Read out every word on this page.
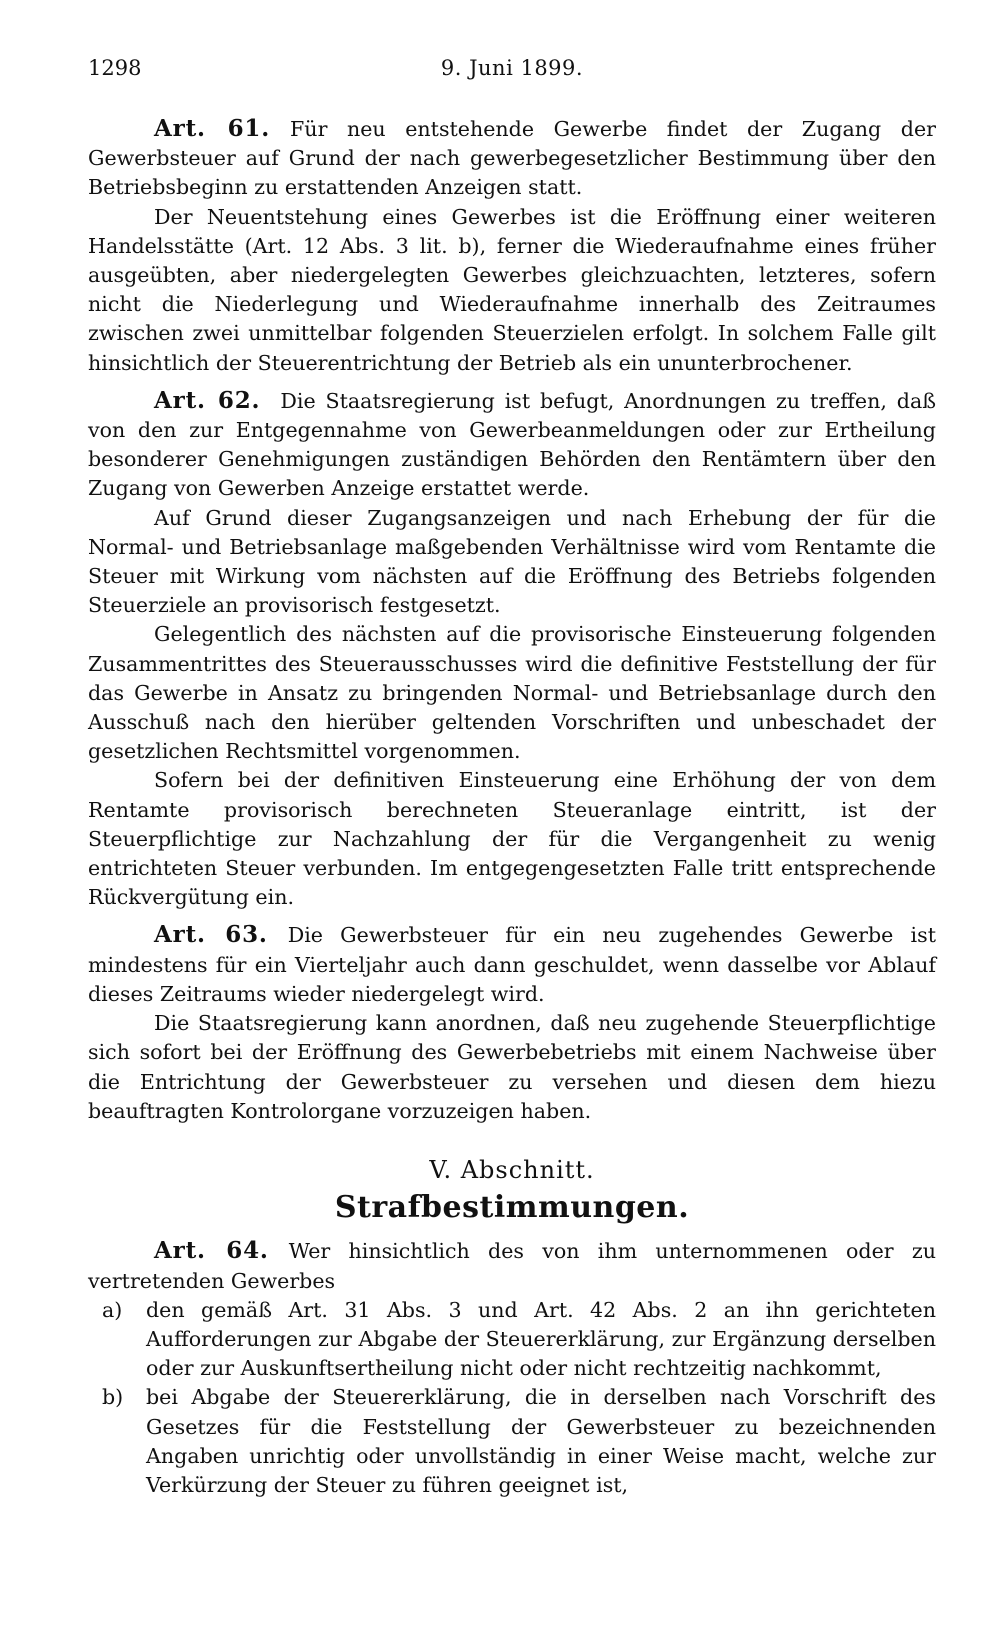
1298	9. Juni 1899.

Art. 61. Für neu entstehende Gewerbe findet der Zugang der Gewerbsteuer auf Grund der nach gewerbegesetzlicher Bestimmung über den Betriebsbeginn zu erstattenden Anzeigen statt.

Der Neuentstehung eines Gewerbes ist die Eröffnung einer weiteren Handelsstätte (Art. 12 Abs. 3 lit. b), ferner die Wiederaufnahme eines früher ausgeübten, aber niedergelegten Gewerbes gleichzuachten, letzteres, sofern nicht die Niederlegung und Wiederaufnahme innerhalb des Zeitraumes zwischen zwei unmittelbar folgenden Steuerzielen erfolgt. In solchem Falle gilt hinsichtlich der Steuerentrichtung der Betrieb als ein ununterbrochener.

Art. 62. Die Staatsregierung ist befugt, Anordnungen zu treffen, daß von den zur Entgegennahme von Gewerbeanmeldungen oder zur Ertheilung besonderer Genehmigungen zuständigen Behörden den Rentämtern über den Zugang von Gewerben Anzeige erstattet werde.

Auf Grund dieser Zugangsanzeigen und nach Erhebung der für die Normal- und Betriebsanlage maßgebenden Verhältnisse wird vom Rentamte die Steuer mit Wirkung vom nächsten auf die Eröffnung des Betriebs folgenden Steuerziele an provisorisch festgesetzt.

Gelegentlich des nächsten auf die provisorische Einsteuerung folgenden Zusammentrittes des Steuerausschusses wird die definitive Feststellung der für das Gewerbe in Ansatz zu bringenden Normal- und Betriebsanlage durch den Ausschuß nach den hierüber geltenden Vorschriften und unbeschadet der gesetzlichen Rechtsmittel vorgenommen.

Sofern bei der definitiven Einsteuerung eine Erhöhung der von dem Rentamte provisorisch berechneten Steueranlage eintritt, ist der Steuerpflichtige zur Nachzahlung der für die Vergangenheit zu wenig entrichteten Steuer verbunden. Im entgegengesetzten Falle tritt entsprechende Rückvergütung ein.

Art. 63. Die Gewerbsteuer für ein neu zugehendes Gewerbe ist mindestens für ein Vierteljahr auch dann geschuldet, wenn dasselbe vor Ablauf dieses Zeitraums wieder niedergelegt wird.

Die Staatsregierung kann anordnen, daß neu zugehende Steuerpflichtige sich sofort bei der Eröffnung des Gewerbebetriebs mit einem Nachweise über die Entrichtung der Gewerbsteuer zu versehen und diesen dem hiezu beauftragten Kontrolorgane vorzuzeigen haben.

V. Abschnitt.
Strafbestimmungen.

Art. 64. Wer hinsichtlich des von ihm unternommenen oder zu vertretenden Gewerbes

a)	den gemäß Art. 31 Abs. 3 und Art. 42 Abs. 2 an ihn gerichteten Aufforderungen zur Abgabe der Steuererklärung, zur Ergänzung derselben oder zur Auskunftsertheilung nicht oder nicht rechtzeitig nachkommt,
b)	bei Abgabe der Steuererklärung, die in derselben nach Vorschrift des Gesetzes für die Feststellung der Gewerbsteuer zu bezeichnenden Angaben unrichtig oder unvollständig in einer Weise macht, welche zur Verkürzung der Steuer zu führen geeignet ist,
